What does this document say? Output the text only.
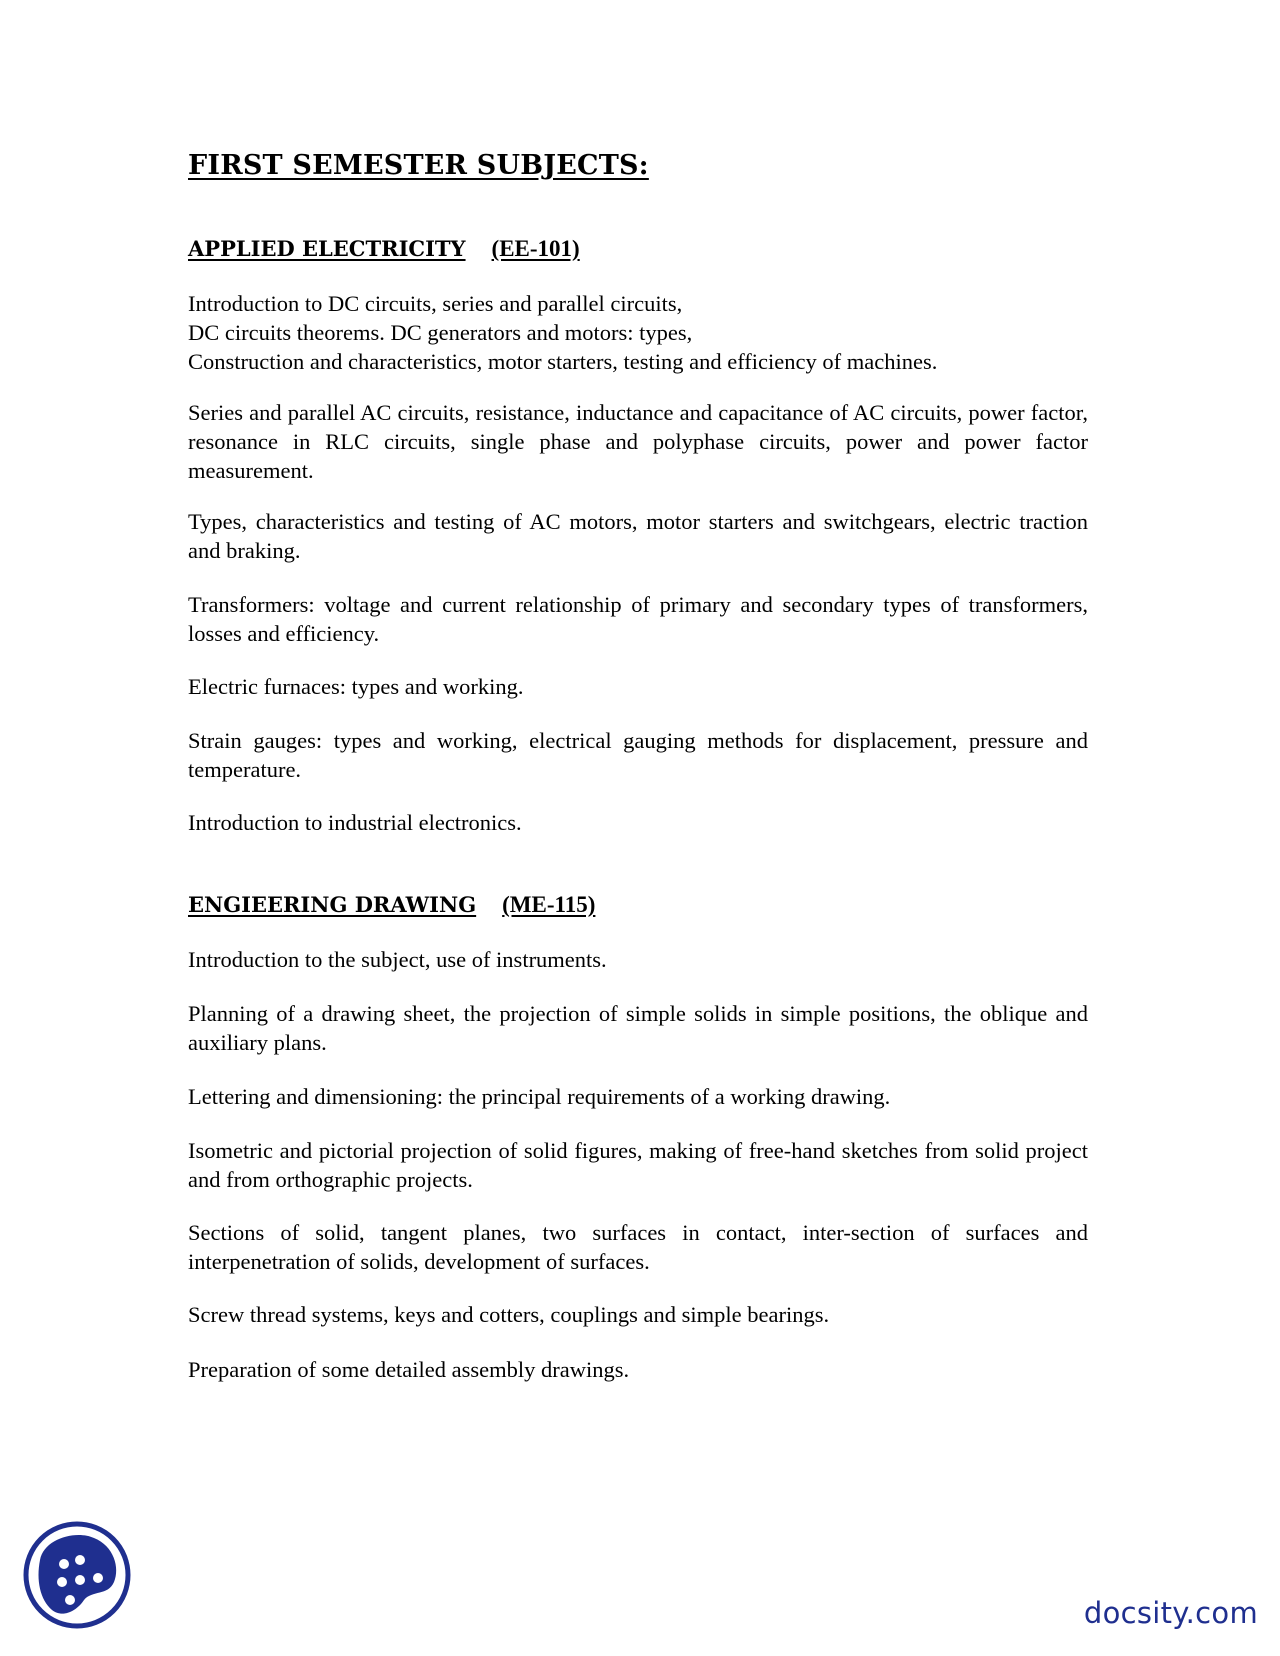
FIRST SEMESTER SUBJECTS:
APPLIED ELECTRICITY (EE-101)
Introduction to DC circuits, series and parallel circuits,
DC circuits theorems. DC generators and motors: types,
Construction and characteristics, motor starters, testing and efficiency of machines.

Series and parallel AC circuits, resistance, inductance and capacitance of AC circuits, power factor, resonance in RLC circuits, single phase and polyphase circuits, power and power factor measurement.

Types, characteristics and testing of AC motors, motor starters and switchgears, electric traction and braking.

Transformers: voltage and current relationship of primary and secondary types of transformers, losses and efficiency.

Electric furnaces: types and working.

Strain gauges: types and working, electrical gauging methods for displacement, pressure and temperature.

Introduction to industrial electronics.

ENGIEERING DRAWING (ME-115)

Introduction to the subject, use of instruments.

Planning of a drawing sheet, the projection of simple solids in simple positions, the oblique and auxiliary plans.

Lettering and dimensioning: the principal requirements of a working drawing.

Isometric and pictorial projection of solid figures, making of free-hand sketches from solid project and from orthographic projects.

Sections of solid, tangent planes, two surfaces in contact, inter-section of surfaces and interpenetration of solids, development of surfaces.

Screw thread systems, keys and cotters, couplings and simple bearings.

Preparation of some detailed assembly drawings.

docsity.com
